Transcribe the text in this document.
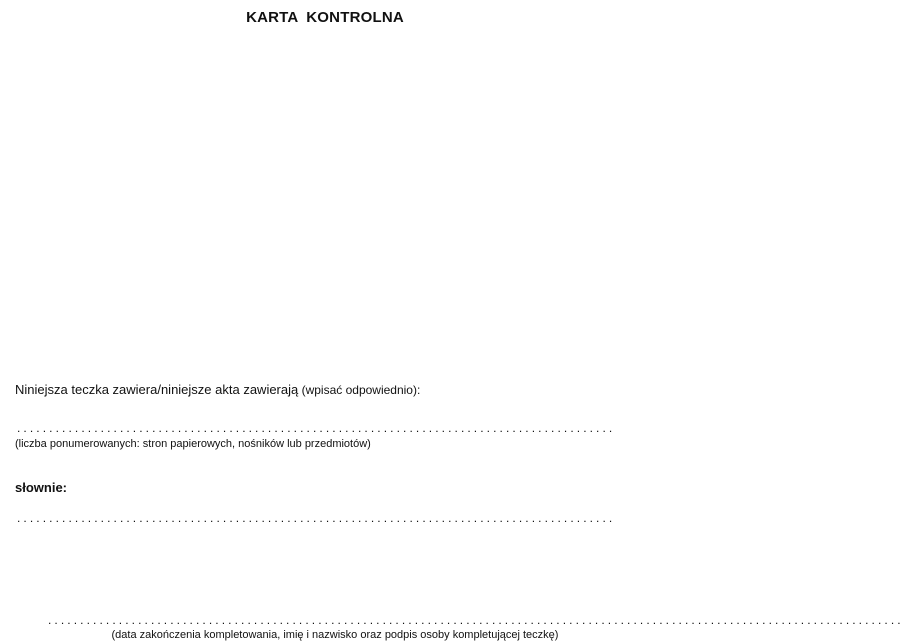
KARTA KONTROLNA
Niniejsza teczka zawiera/niniejsze akta zawierają (wpisać odpowiednio):
.............................................................................................
(liczba ponumerowanych: stron papierowych, nośników lub przedmiotów)
słownie:
.............................................................................................
.....................................................................................................................................
(data zakończenia kompletowania, imię i nazwisko oraz podpis osoby kompletującej teczkę)
